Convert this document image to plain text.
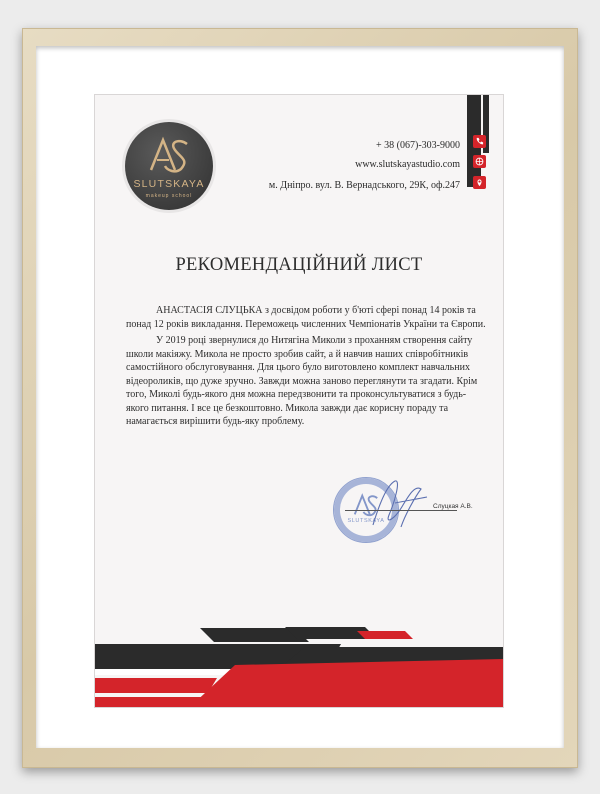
SLUTSKAYA
makeup school
+ 38 (067)-303-9000
www.slutskayastudio.com
м. Дніпро. вул. В. Вернадського, 29К, оф.247
РЕКОМЕНДАЦІЙНИЙ ЛИСТ

АНАСТАСІЯ СЛУЦЬКА з досвідом роботи у б'юті сфері понад 14 років та понад 12 років викладання. Переможець численних Чемпіонатів України та Європи.

У 2019 році звернулися до Нитягіна Миколи з проханням створення сайту школи макіяжу. Микола не просто зробив сайт, а й навчив наших співробітників самостійного обслуговування. Для цього було виготовлено комплект навчальних відеороликів, що дуже зручно. Завжди можна заново переглянути та згадати. Крім того, Миколі будь-якого дня можна передзвонити та проконсультуватися з будь-якого питання. І все це безкоштовно. Микола завжди дає корисну пораду та намагається вирішити будь-яку проблему.

SLUTSKAYA
Слуцкая А.В.
